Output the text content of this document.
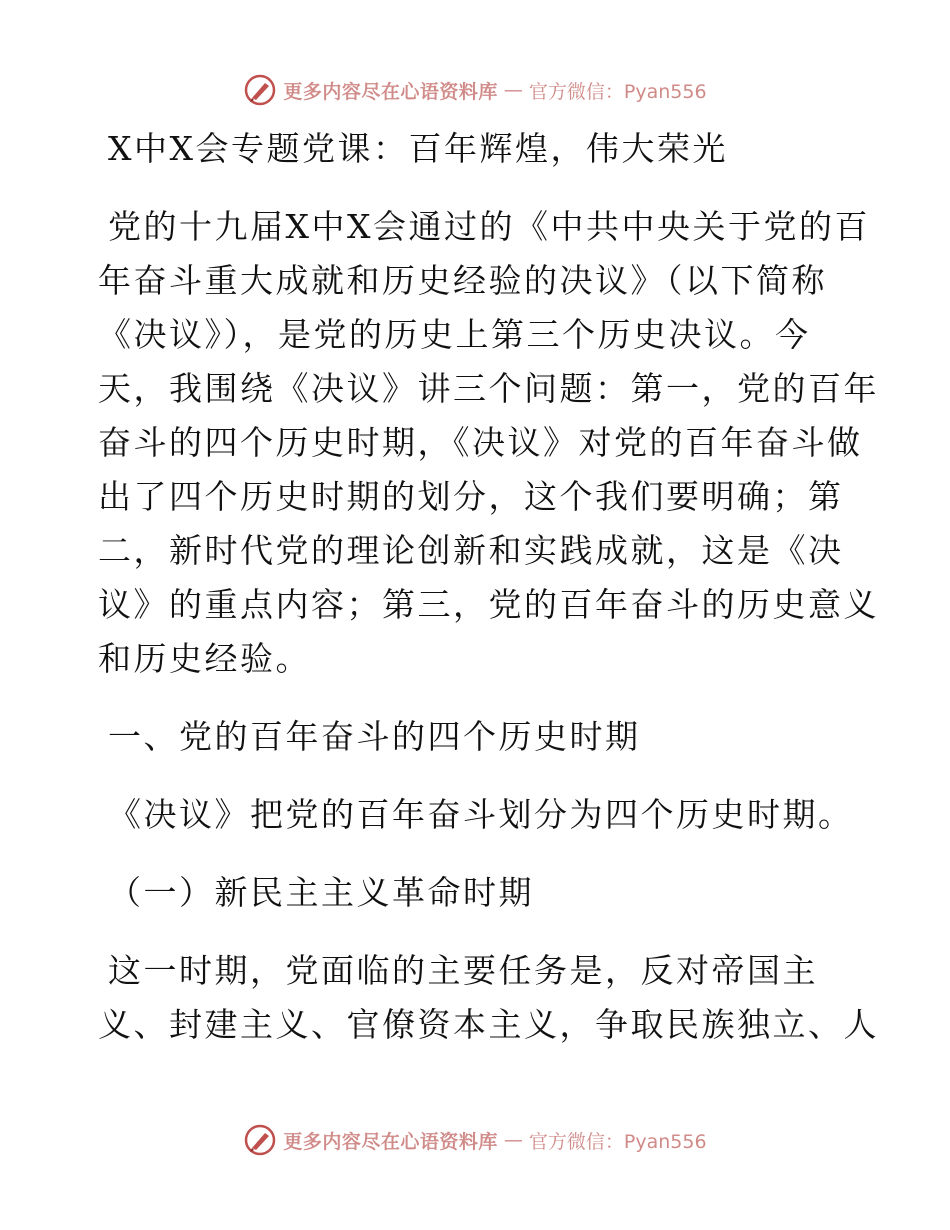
更多内容尽在心语资料库 — 官方微信：Pyan556
X中X会专题党课：百年辉煌，伟大荣光
党的十九届X中X会通过的《中共中央关于党的百
年奋斗重大成就和历史经验的决议》（以下简称
《决议》），是党的历史上第三个历史决议。今
天，我围绕《决议》讲三个问题：第一，党的百年
奋斗的四个历史时期，《决议》对党的百年奋斗做
出了四个历史时期的划分，这个我们要明确；第
二，新时代党的理论创新和实践成就，这是《决
议》的重点内容；第三，党的百年奋斗的历史意义
和历史经验。
一、党的百年奋斗的四个历史时期
《决议》把党的百年奋斗划分为四个历史时期。
（一）新民主主义革命时期
这一时期，党面临的主要任务是，反对帝国主
义、封建主义、官僚资本主义，争取民族独立、人
更多内容尽在心语资料库 — 官方微信：Pyan556
